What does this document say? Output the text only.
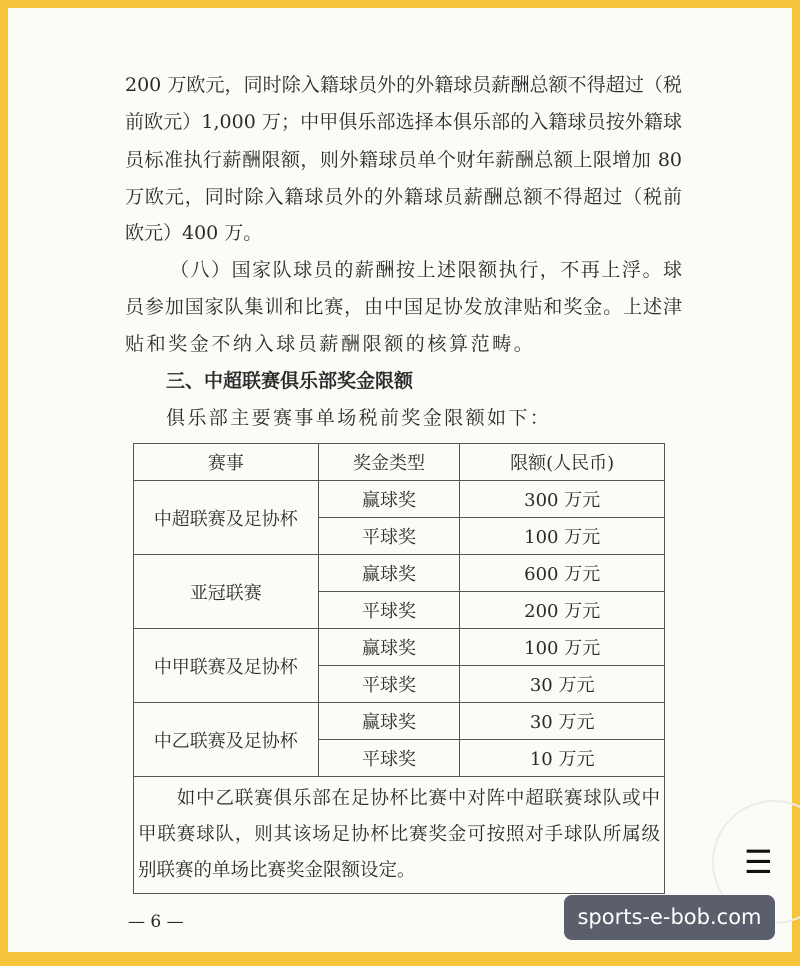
200 万欧元，同时除入籍球员外的外籍球员薪酬总额不得超过（税
前欧元）1,000 万；中甲俱乐部选择本俱乐部的入籍球员按外籍球
员标准执行薪酬限额，则外籍球员单个财年薪酬总额上限增加 80
万欧元，同时除入籍球员外的外籍球员薪酬总额不得超过（税前
欧元）400 万。
（八）国家队球员的薪酬按上述限额执行，不再上浮。球
员参加国家队集训和比赛，由中国足协发放津贴和奖金。上述津
贴和奖金不纳入球员薪酬限额的核算范畴。
三、中超联赛俱乐部奖金限额
俱乐部主要赛事单场税前奖金限额如下：
赛事	奖金类型	限额(人民币)
中超联赛及足协杯	赢球奖	300 万元
	平球奖	100 万元
亚冠联赛	赢球奖	600 万元
	平球奖	200 万元
中甲联赛及足协杯	赢球奖	100 万元
	平球奖	30 万元
中乙联赛及足协杯	赢球奖	30 万元
	平球奖	10 万元

　　如中乙联赛俱乐部在足协杯比赛中对阵中超联赛球队或中
甲联赛球队，则其该场足协杯比赛奖金可按照对手球队所属级
别联赛的单场比赛奖金限额设定。		
— 6 —
☰
sports-e-bob.com
